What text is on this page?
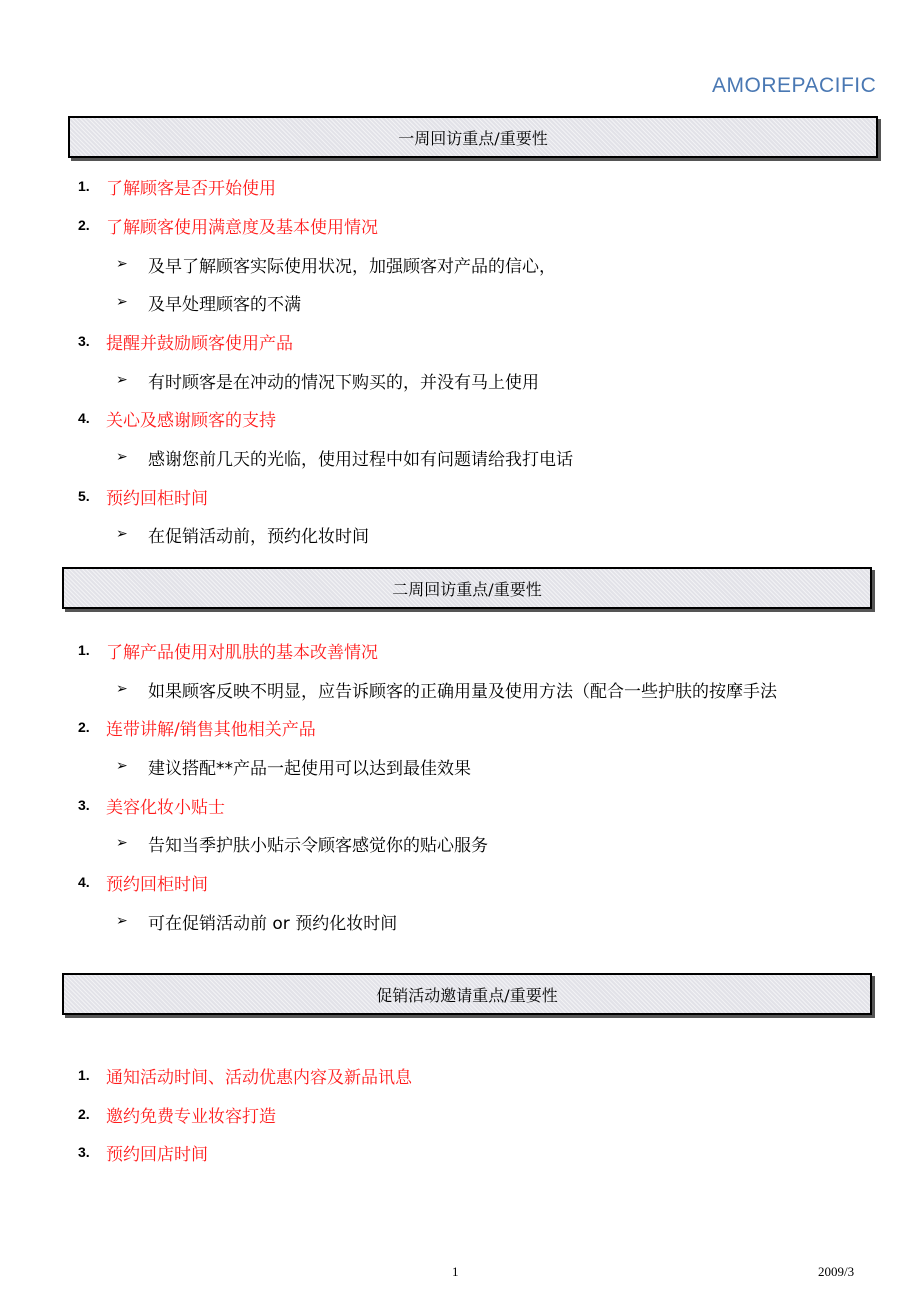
AMOREPACIFIC
一周回访重点/重要性
1. 了解顾客是否开始使用
2. 了解顾客使用满意度及基本使用情况
➢ 及早了解顾客实际使用状况，加强顾客对产品的信心，
➢ 及早处理顾客的不满
3. 提醒并鼓励顾客使用产品
➢ 有时顾客是在冲动的情况下购买的，并没有马上使用
4. 关心及感谢顾客的支持
➢ 感谢您前几天的光临，使用过程中如有问题请给我打电话
5. 预约回柜时间
➢ 在促销活动前，预约化妆时间
二周回访重点/重要性
1. 了解产品使用对肌肤的基本改善情况
➢ 如果顾客反映不明显，应告诉顾客的正确用量及使用方法（配合一些护肤的按摩手法
2. 连带讲解/销售其他相关产品
➢ 建议搭配**产品一起使用可以达到最佳效果
3. 美容化妆小贴士
➢ 告知当季护肤小贴示令顾客感觉你的贴心服务
4. 预约回柜时间
➢ 可在促销活动前 or 预约化妆时间
促销活动邀请重点/重要性
1. 通知活动时间、活动优惠内容及新品讯息
2. 邀约免费专业妆容打造
3. 预约回店时间
1	2009/3
